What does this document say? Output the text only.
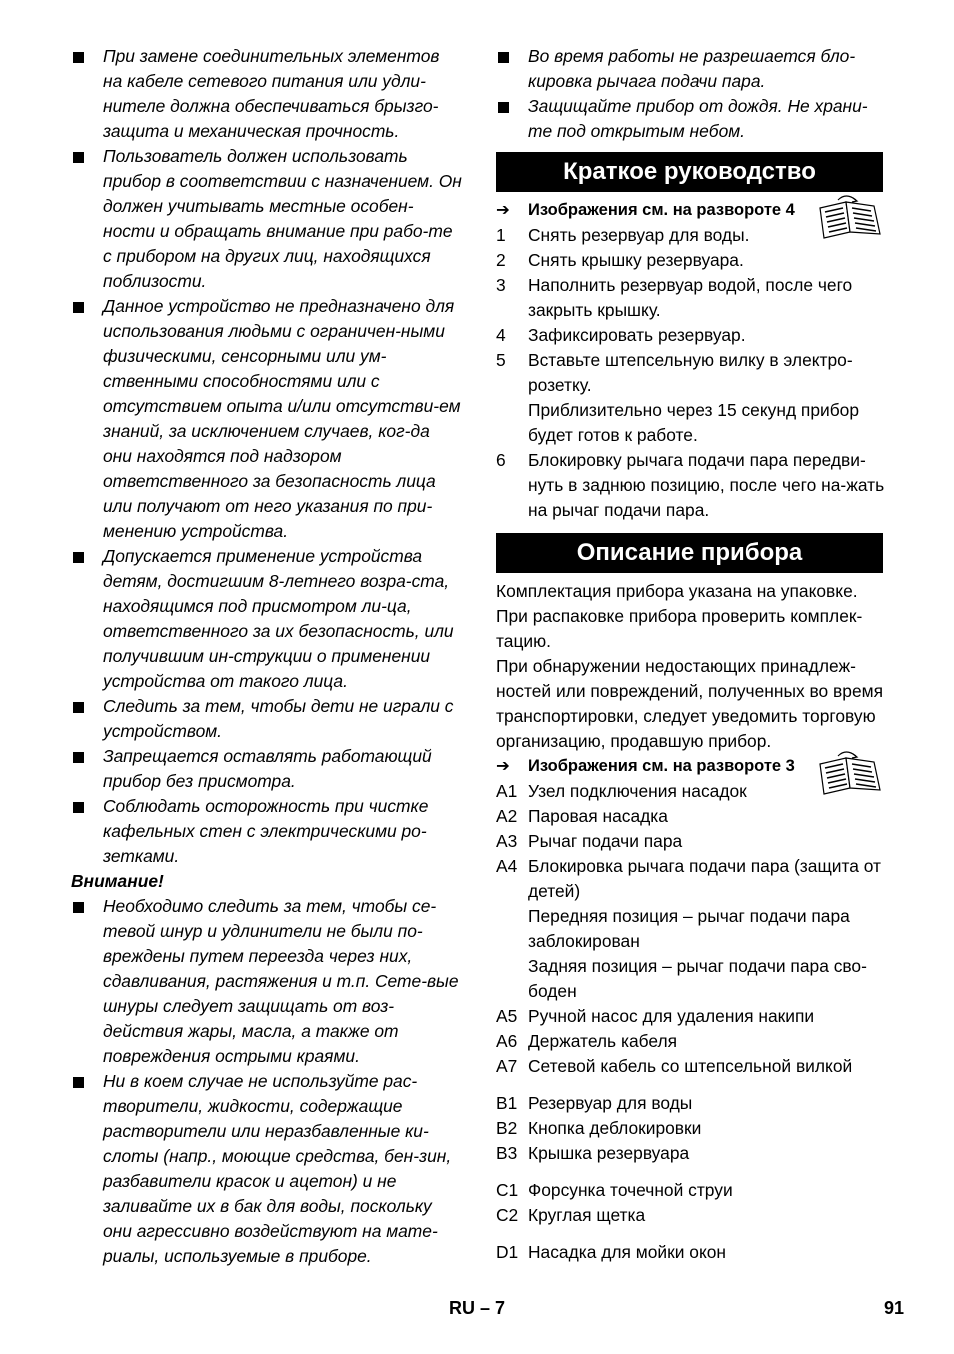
При замене соединительных элементов на кабеле сетевого питания или удли-нителе должна обеспечиваться брызго-защита и механическая прочность.
Пользователь должен использовать прибор в соответствии с назначением. Он должен учитывать местные особен-ности и обращать внимание при рабо-те с прибором на других лиц, находящихся поблизости.
Данное устройство не предназначено для использования людьми с ограничен-ными физическими, сенсорными или ум-ственными способностями или с отсутствием опыта и/или отсутстви-ем знаний, за исключением случаев, ког-да они находятся под надзором ответственного за безопасность лица или получают от него указания по при-менению устройства.
Допускается применение устройства детям, достигшим 8-летнего возра-ста, находящимся под присмотром ли-ца, ответственного за их безопасность, или получившим ин-струкции о применении устройства от такого лица.
Следить за тем, чтобы дети не играли с устройством.
Запрещается оставлять работающий прибор без присмотра.
Соблюдать осторожность при чистке кафельных стен с электрическими ро-зетками.
Внимание!
Необходимо следить за тем, чтобы се-тевой шнур и удлинители не были по-вреждены путем переезда через них, сдавливания, растяжения и т.п. Сете-вые шнуры следует защищать от воз-действия жары, масла, а также от повреждения острыми краями.
Ни в коем случае не используйте рас-творители, жидкости, содержащие растворители или неразбавленные ки-слоты (напр., моющие средства, бен-зин, разбавители красок и ацетон) и не заливайте их в бак для воды, поскольку они агрессивно воздействуют на мате-риалы, используемые в приборе.
Во время работы не разрешается бло-кировка рычага подачи пара.
Защищайте прибор от дождя. Не храни-те под открытым небом.
Краткое руководство
➔	Изображения см. на развороте 4
1	Снять резервуар для воды.
2	Снять крышку резервуара.
3	Наполнить резервуар водой, после чего закрыть крышку.
4	Зафиксировать резервуар.
5	Вставьте штепсельную вилку в электро-розетку.
Приблизительно через 15 секунд прибор будет готов к работе.
6	Блокировку рычага подачи пара передви-нуть в заднюю позицию, после чего на-жать на рычаг подачи пара.
Описание прибора

Комплектация прибора указана на упаковке. При распаковке прибора проверить комплек-тацию.

При обнаружении недостающих принадлеж-ностей или повреждений, полученных во время транспортировки, следует уведомить торговую организацию, продавшую прибор.

➔	Изображения см. на развороте 3
A1 Узел подключения насадок
A2 Паровая насадка
A3 Рычаг подачи пара
A4 Блокировка рычага подачи пара (защита от детей)
Передняя позиция – рычаг подачи пара заблокирован
Задняя позиция – рычаг подачи пара сво-боден
A5 Ручной насос для удаления накипи
A6 Держатель кабеля
A7 Сетевой кабель со штепсельной вилкой
B1 Резервуар для воды
B2 Кнопка деблокировки
B3 Крышка резервуара
C1 Форсунка точечной струи
C2 Круглая щетка
D1 Насадка для мойки окон
RU – 7	91
